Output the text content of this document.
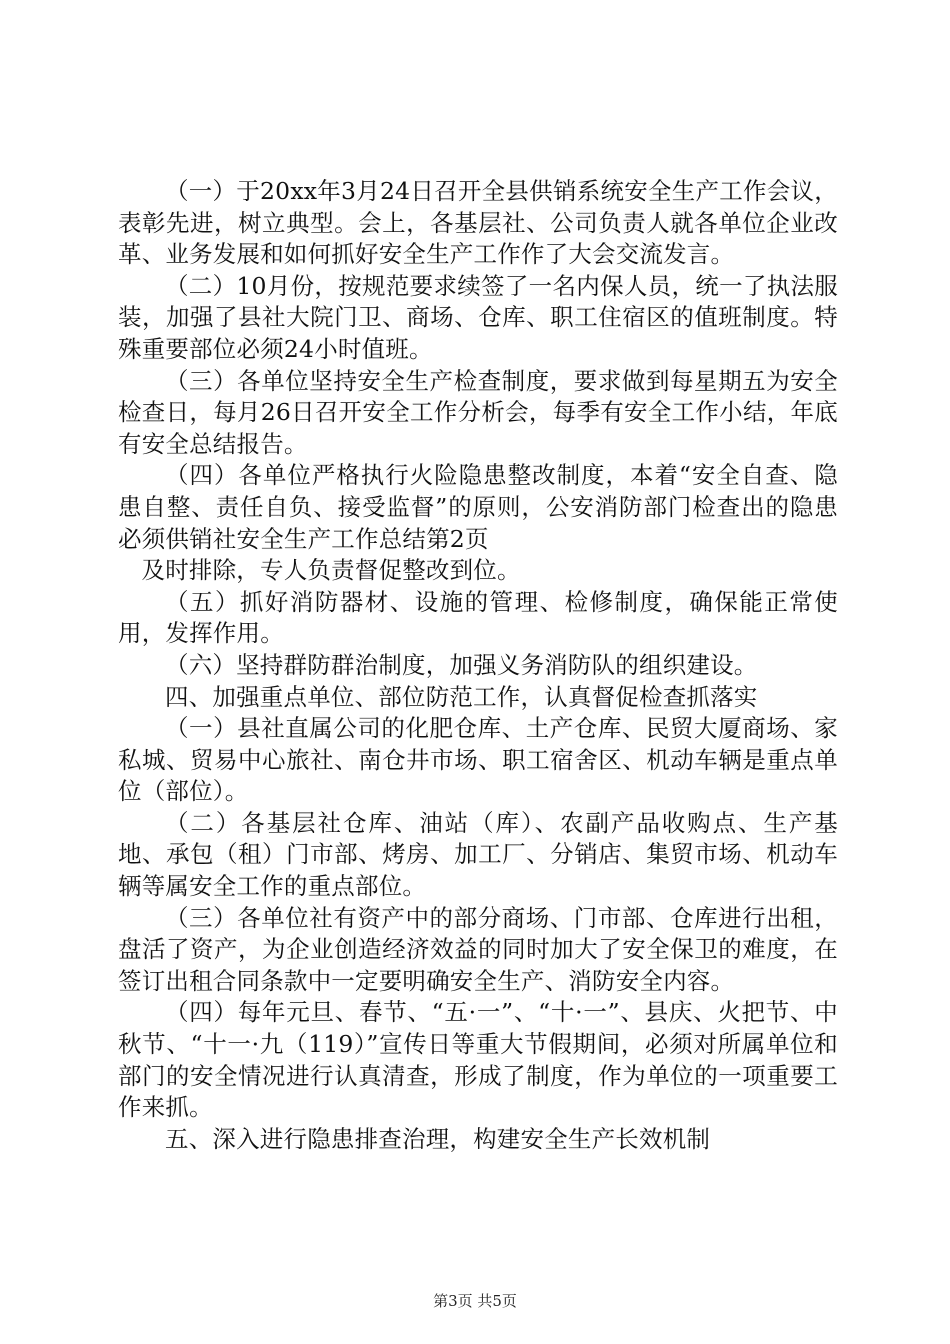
（一）于20xx年3月24日召开全县供销系统安全生产工作会议，表彰先进，树立典型。会上，各基层社、公司负责人就各单位企业改革、业务发展和如何抓好安全生产工作作了大会交流发言。

（二）10月份，按规范要求续签了一名内保人员，统一了执法服装，加强了县社大院门卫、商场、仓库、职工住宿区的值班制度。特殊重要部位必须24小时值班。

（三）各单位坚持安全生产检查制度，要求做到每星期五为安全检查日，每月26日召开安全工作分析会，每季有安全工作小结，年底有安全总结报告。

（四）各单位严格执行火险隐患整改制度，本着“安全自查、隐患自整、责任自负、接受监督”的原则，公安消防部门检查出的隐患必须供销社安全生产工作总结第2页

及时排除，专人负责督促整改到位。

（五）抓好消防器材、设施的管理、检修制度，确保能正常使用，发挥作用。

（六）坚持群防群治制度，加强义务消防队的组织建设。

四、加强重点单位、部位防范工作，认真督促检查抓落实

（一）县社直属公司的化肥仓库、土产仓库、民贸大厦商场、家私城、贸易中心旅社、南仓井市场、职工宿舍区、机动车辆是重点单位（部位）。

（二）各基层社仓库、油站（库）、农副产品收购点、生产基地、承包（租）门市部、烤房、加工厂、分销店、集贸市场、机动车辆等属安全工作的重点部位。

（三）各单位社有资产中的部分商场、门市部、仓库进行出租，盘活了资产，为企业创造经济效益的同时加大了安全保卫的难度，在签订出租合同条款中一定要明确安全生产、消防安全内容。

（四）每年元旦、春节、“五·一”、“十·一”、县庆、火把节、中秋节、“十一·九（119）”宣传日等重大节假期间，必须对所属单位和部门的安全情况进行认真清查，形成了制度，作为单位的一项重要工作来抓。

五、深入进行隐患排查治理，构建安全生产长效机制

第3页 共5页
